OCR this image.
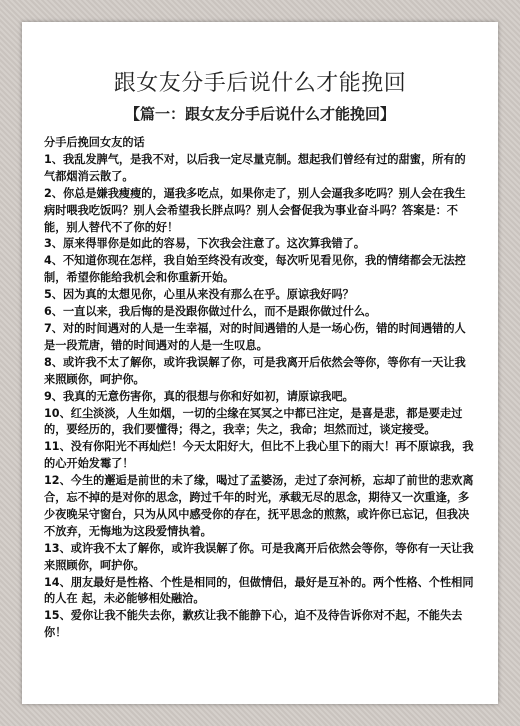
跟女友分手后说什么才能挽回
【篇一：跟女友分手后说什么才能挽回】

分手后挽回女友的话

1、我乱发脾气，是我不对，以后我一定尽量克制。想起我们曾经有过的甜蜜，所有的气都烟消云散了。

2、你总是嫌我瘦瘦的，逼我多吃点，如果你走了，别人会逼我多吃吗？别人会在我生病时喂我吃饭吗？别人会希望我长胖点吗？别人会督促我为事业奋斗吗？答案是：不能，别人替代不了你的好！

3、原来得罪你是如此的容易，下次我会注意了。这次算我错了。

4、不知道你现在怎样，我自始至终没有改变，每次听见看见你，我的情绪都会无法控制，希望你能给我机会和你重新开始。

5、因为真的太想见你，心里从来没有那么在乎。原谅我好吗？

6、一直以来，我后悔的是没跟你做过什么，而不是跟你做过什么。

7、对的时间遇对的人是一生幸福，对的时间遇错的人是一场心伤，错的时间遇错的人是一段荒唐，错的时间遇对的人是一生叹息。

8、或许我不太了解你，或许我误解了你，可是我离开后依然会等你，等你有一天让我来照顾你，呵护你。

9、我真的无意伤害你，真的很想与你和好如初，请原谅我吧。

10、红尘淡淡，人生如烟，一切的尘缘在冥冥之中都已注定，是喜是悲，都是要走过的，要经历的，我们要懂得；得之，我幸；失之，我命；坦然而过，谈定接受。

11、没有你阳光不再灿烂！今天太阳好大，但比不上我心里下的雨大！再不原谅我，我的心开始发霉了！

12、今生的邂逅是前世的未了缘，喝过了孟婆汤，走过了奈河桥，忘却了前世的悲欢离合，忘不掉的是对你的思念，跨过千年的时光，承载无尽的思念，期待又一次重逢，多少夜晚呆守窗台，只为从风中感受你的存在，抚平思念的煎熬，或许你已忘记，但我决不放弃，无悔地为这段爱情执着。

13、或许我不太了解你，或许我误解了你。可是我离开后依然会等你，等你有一天让我来照顾你，呵护你。

14、朋友最好是性格、个性是相同的，但做情侣，最好是互补的。两个性格、个性相同的人在 起，未必能够相处融洽。

15、爱你让我不能失去你，歉疚让我不能静下心，迫不及待告诉你对不起，不能失去你！
